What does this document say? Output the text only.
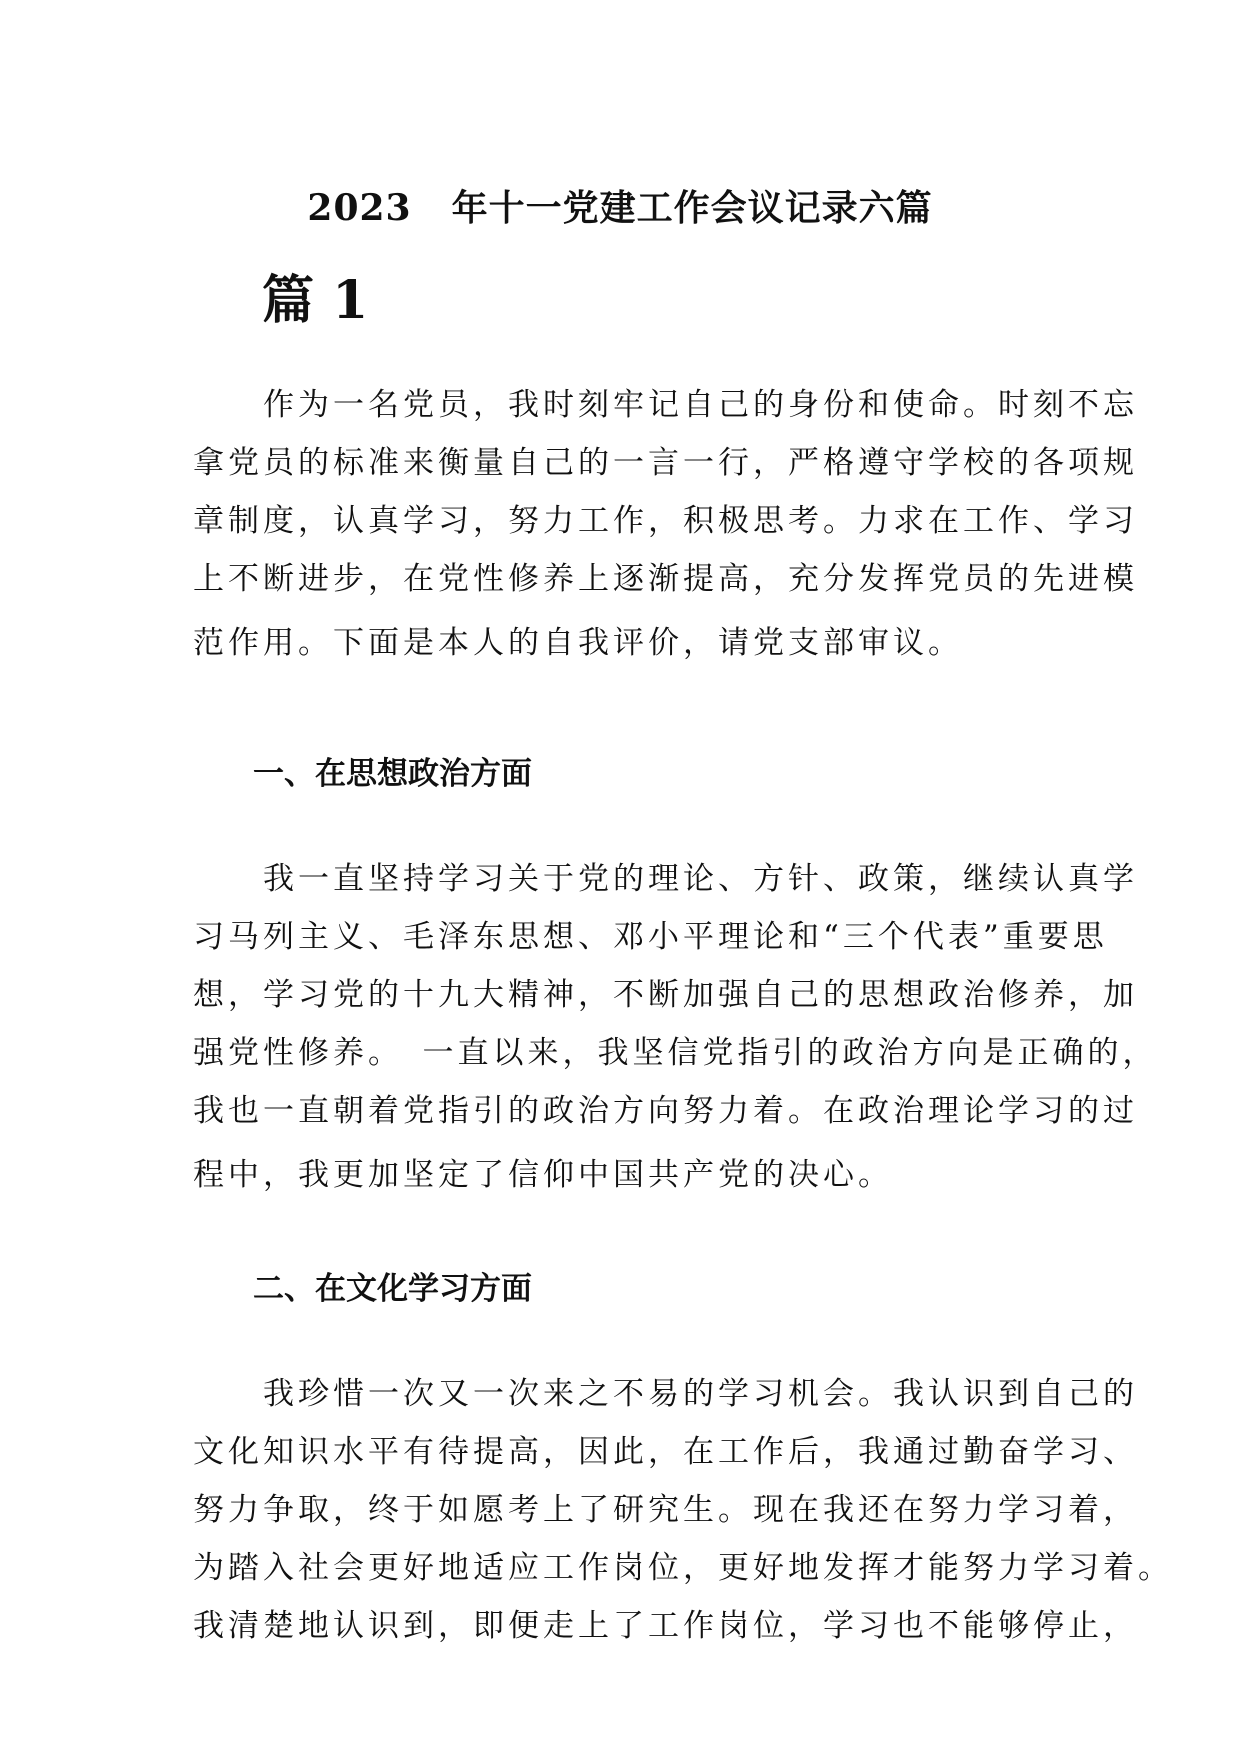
2023 年十一党建工作会议记录六篇
篇 1
　　作为一名党员，我时刻牢记自己的身份和使命。时刻不忘
拿党员的标准来衡量自己的一言一行，严格遵守学校的各项规
章制度，认真学习，努力工作，积极思考。力求在工作、学习
上不断进步，在党性修养上逐渐提高，充分发挥党员的先进模
范作用。下面是本人的自我评价，请党支部审议。
一、在思想政治方面
　　我一直坚持学习关于党的理论、方针、政策，继续认真学
习马列主义、毛泽东思想、邓小平理论和“三个代表”重要思
想，学习党的十九大精神，不断加强自己的思想政治修养，加
强党性修养。　一直以来，我坚信党指引的政治方向是正确的，
我也一直朝着党指引的政治方向努力着。在政治理论学习的过
程中，我更加坚定了信仰中国共产党的决心。
二、在文化学习方面
　　我珍惜一次又一次来之不易的学习机会。我认识到自己的
文化知识水平有待提高，因此，在工作后，我通过勤奋学习、
努力争取，终于如愿考上了研究生。现在我还在努力学习着，
为踏入社会更好地适应工作岗位，更好地发挥才能努力学习着。
我清楚地认识到，即便走上了工作岗位，学习也不能够停止，
